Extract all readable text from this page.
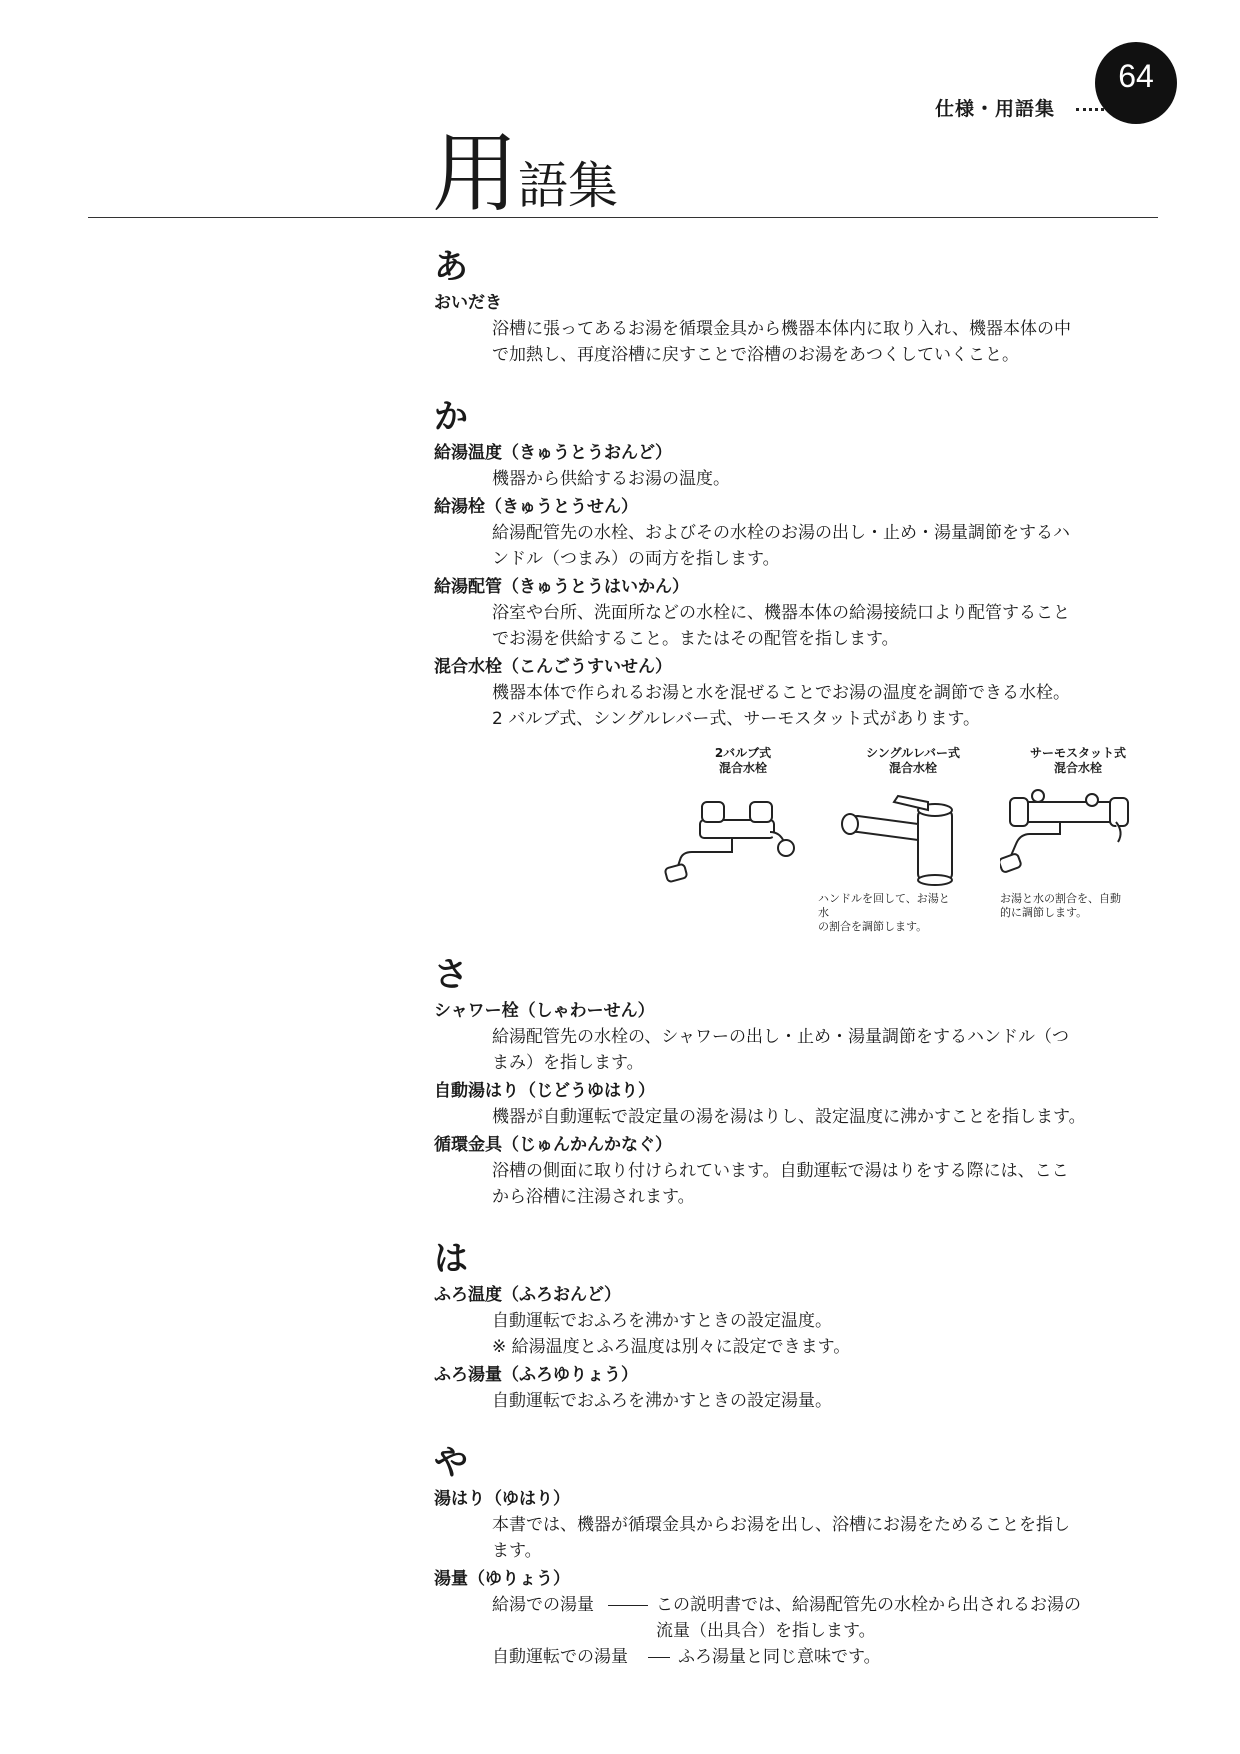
仕様・用語集
64
用語集
あ
おいだき
浴槽に張ってあるお湯を循環金具から機器本体内に取り入れ、機器本体の中
で加熱し、再度浴槽に戻すことで浴槽のお湯をあつくしていくこと。
か
給湯温度（きゅうとうおんど）
機器から供給するお湯の温度。
給湯栓（きゅうとうせん）
給湯配管先の水栓、およびその水栓のお湯の出し・止め・湯量調節をするハ
ンドル（つまみ）の両方を指します。
給湯配管（きゅうとうはいかん）
浴室や台所、洗面所などの水栓に、機器本体の給湯接続口より配管すること
でお湯を供給すること。またはその配管を指します。
混合水栓（こんごうすいせん）
機器本体で作られるお湯と水を混ぜることでお湯の温度を調節できる水栓。
2 バルブ式、シングルレバー式、サーモスタット式があります。
2バルブ式
混合水栓
シングルレバー式
混合水栓
サーモスタット式
混合水栓
ハンドルを回して、お湯と水
の割合を調節します。
お湯と水の割合を、自動
的に調節します。
さ
シャワー栓（しゃわーせん）
給湯配管先の水栓の、シャワーの出し・止め・湯量調節をするハンドル（つ
まみ）を指します。
自動湯はり（じどうゆはり）
機器が自動運転で設定量の湯を湯はりし、設定温度に沸かすことを指します。
循環金具（じゅんかんかなぐ）
浴槽の側面に取り付けられています。自動運転で湯はりをする際には、ここ
から浴槽に注湯されます。
は
ふろ温度（ふろおんど）
自動運転でおふろを沸かすときの設定温度。
※ 給湯温度とふろ温度は別々に設定できます。
ふろ湯量（ふろゆりょう）
自動運転でおふろを沸かすときの設定湯量。
や
湯はり（ゆはり）
本書では、機器が循環金具からお湯を出し、浴槽にお湯をためることを指し
ます。
湯量（ゆりょう）
給湯での湯量	この説明書では、給湯配管先の水栓から出されるお湯の
流量（出具合）を指します。
自動運転での湯量	ふろ湯量と同じ意味です。
